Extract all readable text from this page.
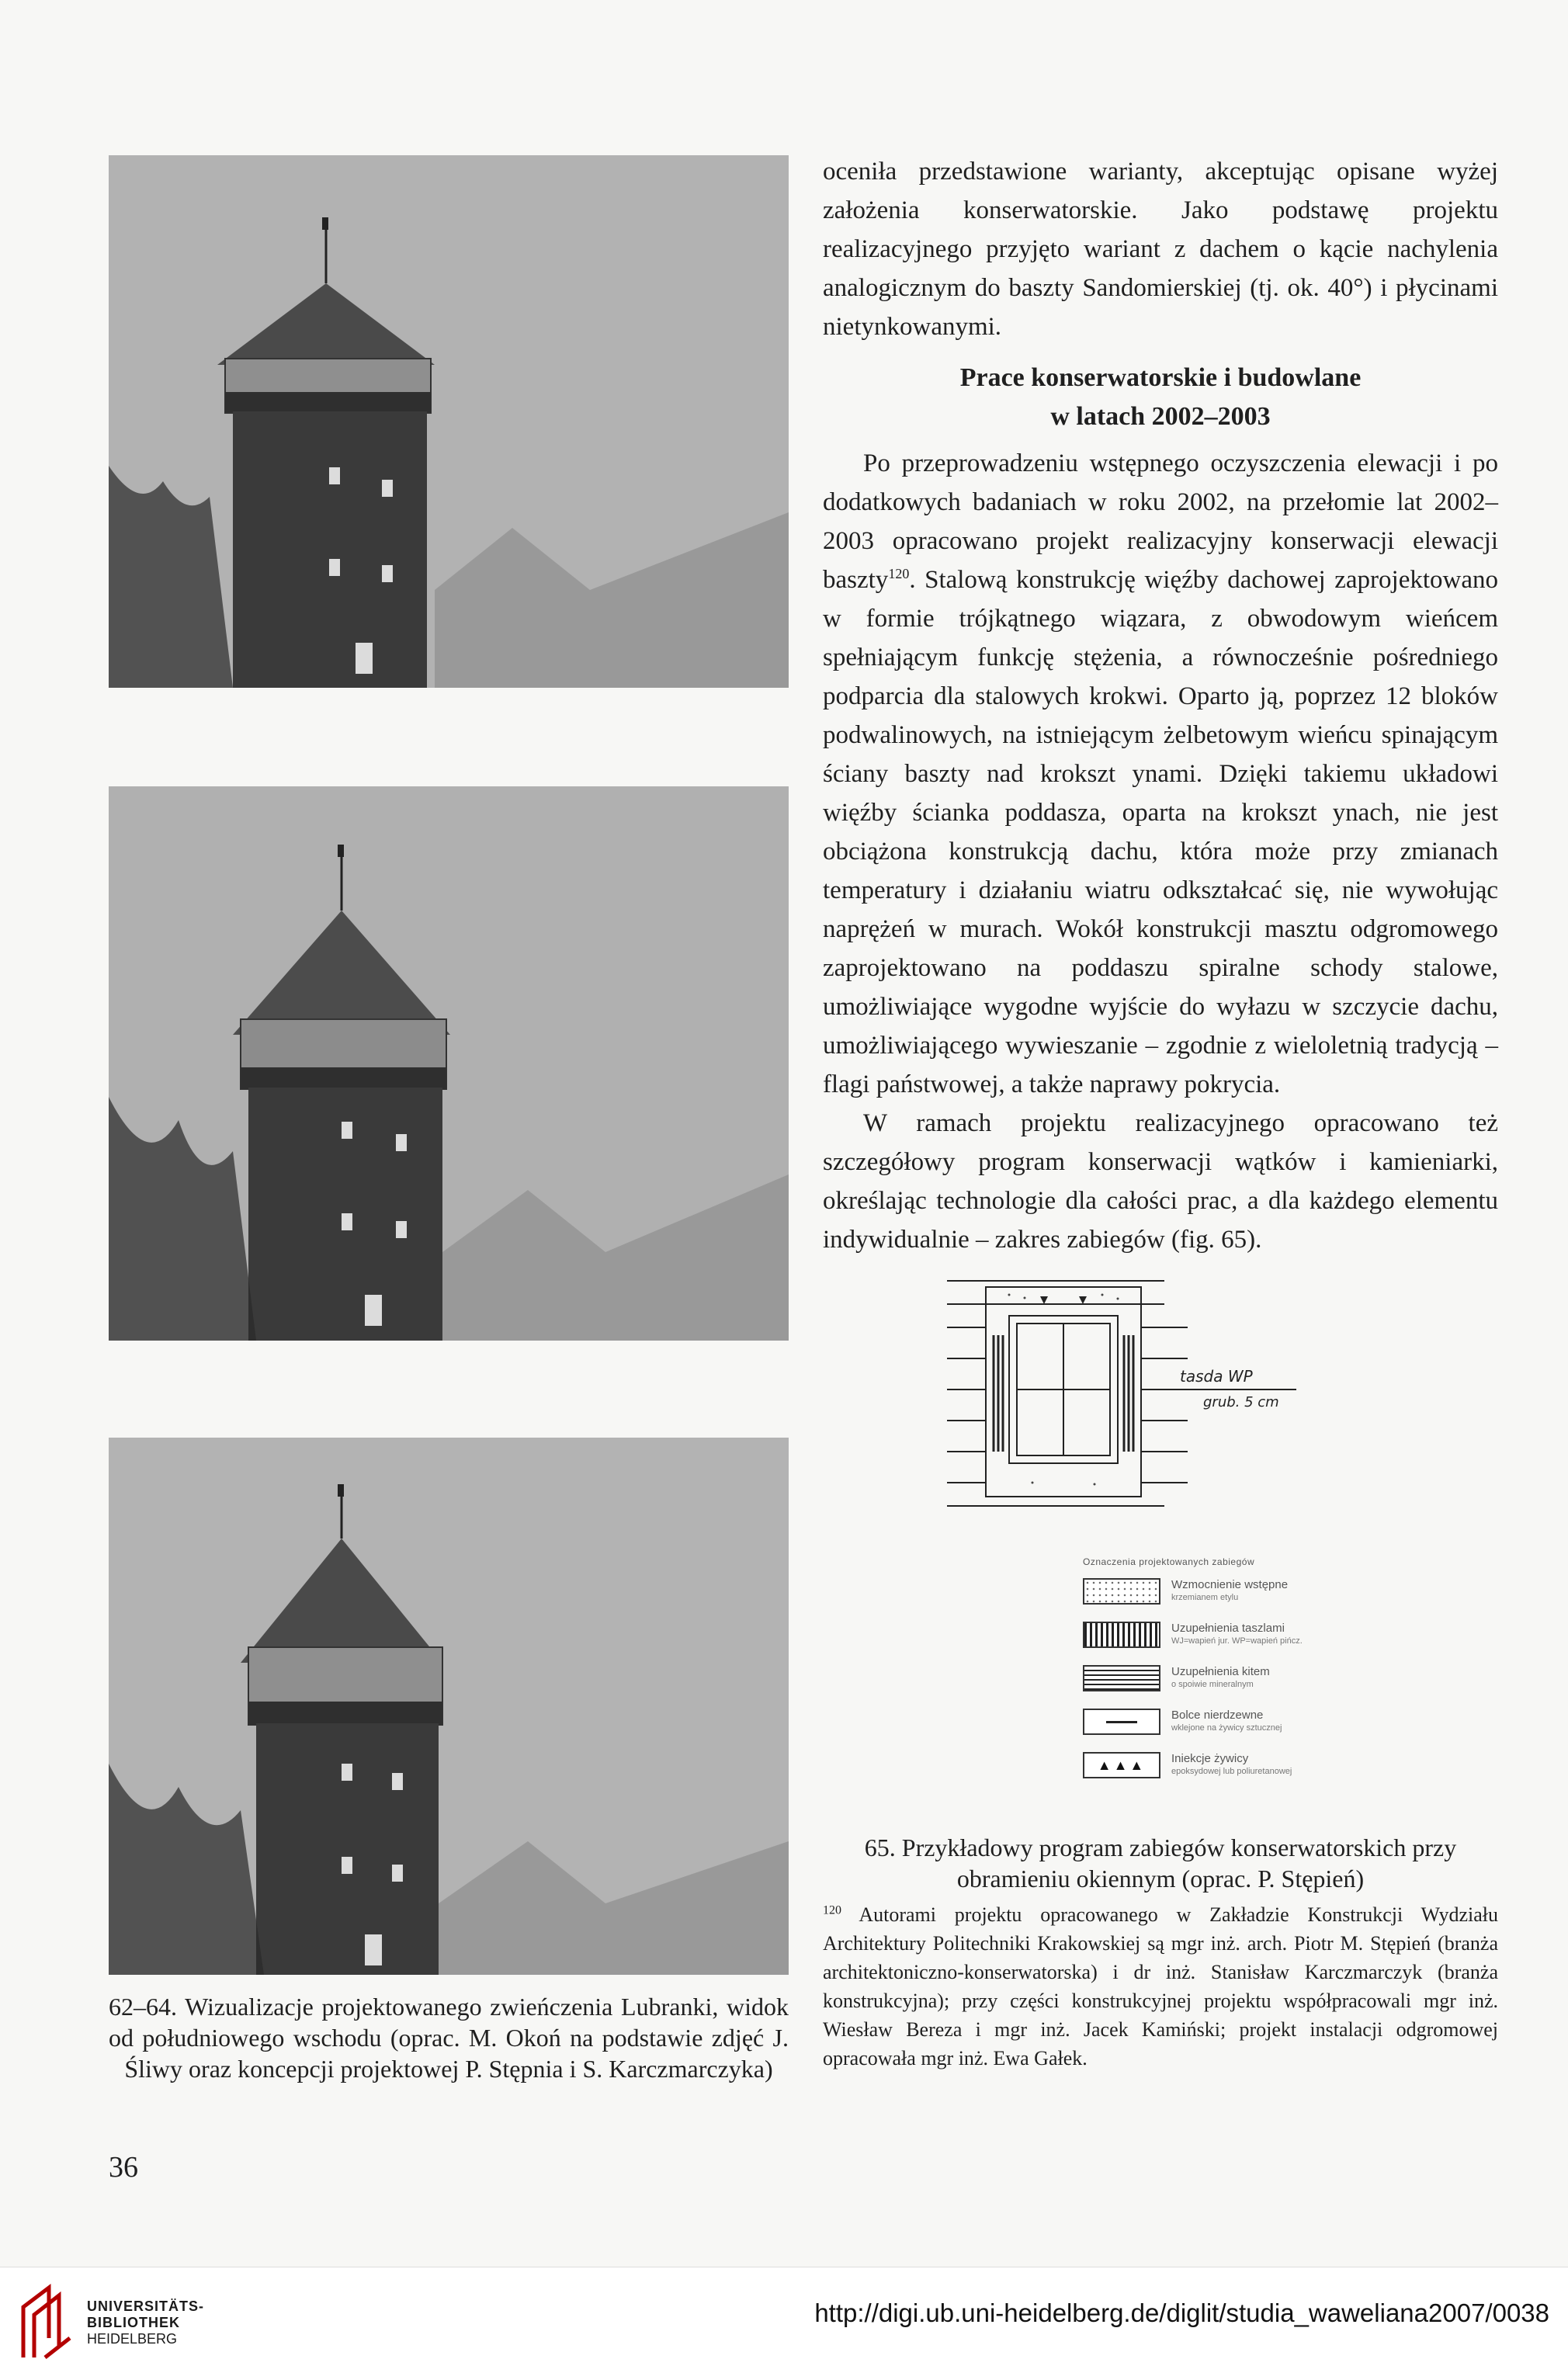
oceniła przedstawione warianty, akceptując opisane wyżej założenia konserwatorskie. Jako podstawę projektu realizacyjnego przyjęto wariant z dachem o kącie nachylenia analogicznym do baszty Sandomierskiej (tj. ok. 40°) i płycinami nietynkowanymi.

Prace konserwatorskie i budowlane
w latach 2002–2003

Po przeprowadzeniu wstępnego oczyszczenia elewacji i po dodatkowych badaniach w roku 2002, na przełomie lat 2002–2003 opracowano projekt realizacyjny konserwacji elewacji baszty$^{120}$. Stalową konstrukcję więźby dachowej zaprojektowano w formie trójkątnego wiązara, z obwodowym wieńcem spełniającym funkcję stężenia, a równocześnie pośredniego podparcia dla stalowych krokwi. Oparto ją, poprzez 12 bloków podwalinowych, na istniejącym żelbetowym wieńcu spinającym ściany baszty nad krokszt ynami. Dzięki takiemu układowi więźby ścianka poddasza, oparta na krokszt ynach, nie jest obciążona konstrukcją dachu, która może przy zmianach temperatury i działaniu wiatru odkształcać się, nie wywołując naprężeń w murach. Wokół konstrukcji masztu odgromowego zaprojektowano na poddaszu spiralne schody stalowe, umożliwiające wygodne wyjście do wyłazu w szczycie dachu, umożliwiającego wywieszanie – zgodnie z wieloletnią tradycją – flagi państwowej, a także naprawy pokrycia.

W ramach projektu realizacyjnego opracowano też szczegółowy program konserwacji wątków i kamieniarki, określając technologie dla całości prac, a dla każdego elementu indywidualnie – zakres zabiegów (fig. 65).

tasda WP
grub. 5 cm
Oznaczenia projektowanych zabiegów
Wzmocnienie wstępne
krzemianem etylu
Uzupełnienia taszlami
WJ=wapień jur. WP=wapień pińcz.
Uzupełnienia kitem
o spoiwie mineralnym
Bolce nierdzewne
wklejone na żywicy sztucznej
▲▲▲	Iniekcje żywicy
epoksydowej lub poliuretanowej
65. Przykładowy program zabiegów konserwatorskich przy obramieniu okiennym (oprac. P. Stępień)
$^{120}$ Autorami projektu opracowanego w Zakładzie Konstrukcji Wydziału Architektury Politechniki Krakowskiej są mgr inż. arch. Piotr M. Stępień (branża architektoniczno-konserwatorska) i dr inż. Stanisław Karczmarczyk (branża konstrukcyjna); przy części konstrukcyjnej projektu współpracowali mgr inż. Wiesław Bereza i mgr inż. Jacek Kamiński; projekt instalacji odgromowej opracowała mgr inż. Ewa Gałek.
62–64. Wizualizacje projektowanego zwieńczenia Lubranki, widok od południowego wschodu (oprac. M. Okoń na podstawie zdjęć J. Śliwy oraz koncepcji projektowej P. Stępnia i S. Karczmarczyka)
36
UNIVERSITÄTS-
BIBLIOTHEK
HEIDELBERG
http://digi.ub.uni-heidelberg.de/diglit/studia_waweliana2007/0038
